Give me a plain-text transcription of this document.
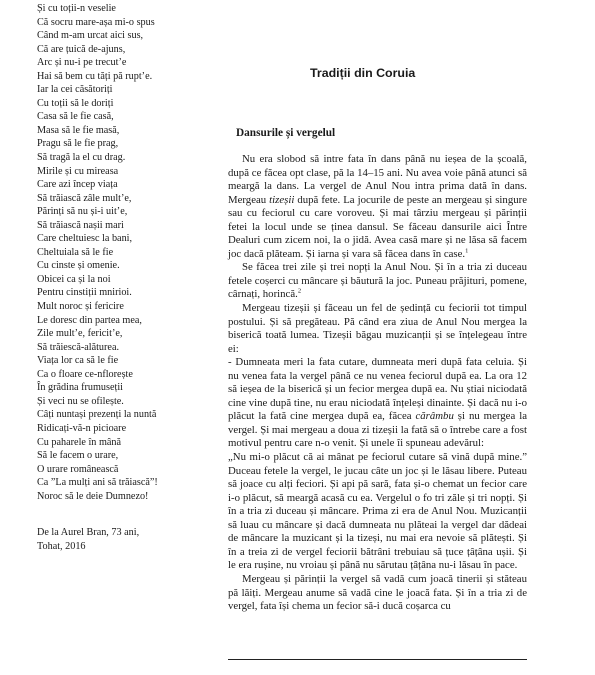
Și cu toții-n veselie
Că socru mare-așa mi-o spus
Când m-am urcat aici sus,
Că are țuică de-ajuns,
Arc și nu-i pe trecut’e
Hai să bem cu tăți pă rupt’e.
Iar la cei căsătoriți
Cu toții să le doriți
Casa să le fie casă,
Masa să le fie masă,
Pragu să le fie prag,
Să tragă la el cu drag.
Mirile și cu mireasa
Care azi încep viața
Să trăiască zâle mult’e,
Părinți să nu și-i uit’e,
Să trăiască nașii mari
Care cheltuiesc la bani,
Cheltuiala să le fie
Cu cinste și omenie.
Obicei ca și la noi
Pentru cinstiții mnirioi.
Mult noroc și fericire
Le doresc din partea mea,
Zile mult’e, fericit’e,
Să trăiescă-alăturea.
Viața lor ca să le fie
Ca o floare ce-nflorește
În grădina frumuseții
Și veci nu se ofilește.
Câți nuntași prezenți la nuntă
Ridicați-vă-n picioare
Cu paharele în mână
Să le facem o urare,
O urare românească
Ca ”La mulți ani să trăiască”!
Noroc să le deie Dumnezo!
De la Aurel Bran, 73 ani,
Tohat, 2016
Tradiții din Coruia
Dansurile și vergelul

Nu era slobod să intre fata în dans până nu ieșea de la școală, după ce făcea opt clase, pă la 14–15 ani. Nu avea voie până atunci să meargă la dans. La vergel de Anul Nou intra prima dată în dans. Mergeau tizeșii după fete. La jocurile de peste an mergeau și singure sau cu feciorul cu care voroveu. Și mai târziu mergeau și părinții fetei la locul unde se ținea dansul. Se făceau dansurile aici Între Dealuri cum zicem noi, la o jidă. Avea casă mare și ne lăsa să facem joc dacă plăteam. Și iarna și vara să făcea dans în case.$^1$

Se făcea trei zile și trei nopți la Anul Nou. Și în a tria zi duceau fetele coșerci cu mâncare și băutură la joc. Puneau prăjituri, pomene, cârnați, horincă.$^2$

Mergeau tizeșii și făceau un fel de ședință cu feciorii tot timpul postului. Și să pregăteau. Pă când era ziua de Anul Nou mergea la biserică toată lumea. Tizeșii băgau muzicanții și se înțelegeau între ei:

- Dumneata meri la fata cutare, dumneata meri după fata celuia. Și nu venea fata la vergel până ce nu venea feciorul după ea. La ora 12 să ieșea de la biserică și un fecior mergea după ea. Nu știai niciodată cine vine după tine, nu erau niciodată înțeleși dinainte. Și dacă nu i-o plăcut la fată cine mergea după ea, făcea cărâmbu și nu mergea la vergel. Și mai mergeau a doua zi tizeșii la fată să o întrebe care a fost motivul pentru care n-o venit. Și unele îi spuneau adevărul:

„Nu mi-o plăcut că ai mânat pe feciorul cutare să vină după mine.” Duceau fetele la vergel, le jucau câte un joc și le lăsau libere. Puteau să joace cu alți feciori. Și api pă sară, fata și-o chemat un fecior care i-o plăcut, să meargă acasă cu ea. Vergelul o fo tri zăle și tri nopți. Și în a tria zi duceau și mâncare. Prima zi era de Anul Nou. Muzicanții să luau cu mâncare și dacă dumneata nu plăteai la vergel dar dădeai de mâncare la muzicant și la tizeși, nu mai era nevoie să plătești. Și în a treia zi de vergel feciorii bătrâni trebuiau să țuce țâțâna ușii. Și le era rușine, nu vroiau și până nu sărutau țâțâna nu-i lăsau în pace.

Mergeau și părinții la vergel să vadă cum joacă tinerii și stăteau pă lăiți. Mergeau anume să vadă cine le joacă fata. Și în a tria zi de vergel, fata își chema un fecior să-i ducă coșarca cu
